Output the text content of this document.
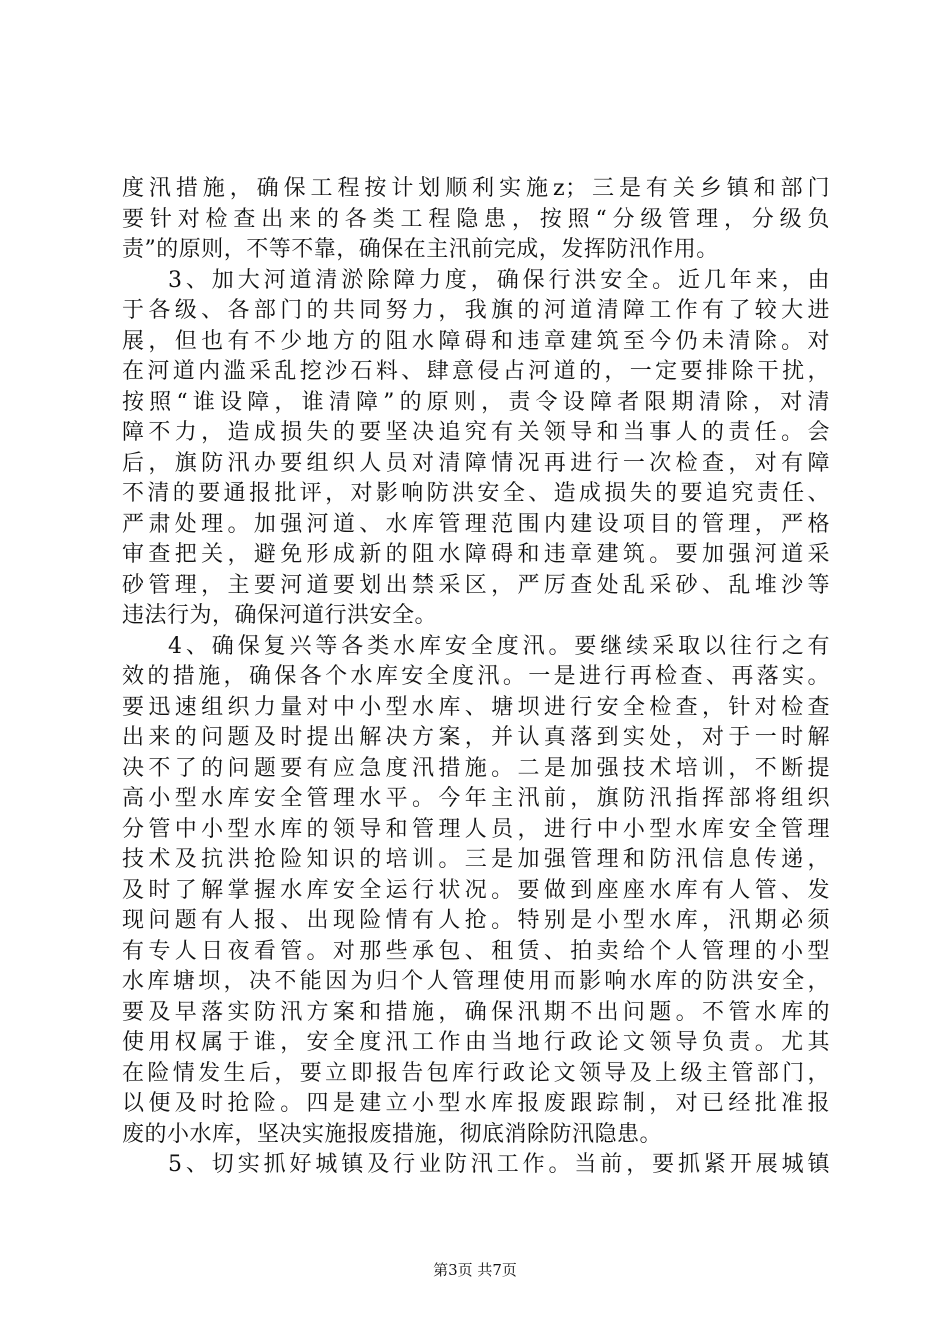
度汛措施，确保工程按计划顺利实施z；三是有关乡镇和部门
要针对检查出来的各类工程隐患，按照“分级管理，分级负
责”的原则，不等不靠，确保在主汛前完成，发挥防汛作用。
3、加大河道清淤除障力度，确保行洪安全。近几年来，由
于各级、各部门的共同努力，我旗的河道清障工作有了较大进
展，但也有不少地方的阻水障碍和违章建筑至今仍未清除。对
在河道内滥采乱挖沙石料、肆意侵占河道的，一定要排除干扰，
按照“谁设障，谁清障”的原则，责令设障者限期清除，对清
障不力，造成损失的要坚决追究有关领导和当事人的责任。会
后，旗防汛办要组织人员对清障情况再进行一次检查，对有障
不清的要通报批评，对影响防洪安全、造成损失的要追究责任、
严肃处理。加强河道、水库管理范围内建设项目的管理，严格
审查把关，避免形成新的阻水障碍和违章建筑。要加强河道采
砂管理，主要河道要划出禁采区，严厉查处乱采砂、乱堆沙等
违法行为，确保河道行洪安全。
4、确保复兴等各类水库安全度汛。要继续采取以往行之有
效的措施，确保各个水库安全度汛。一是进行再检查、再落实。
要迅速组织力量对中小型水库、塘坝进行安全检查，针对检查
出来的问题及时提出解决方案，并认真落到实处，对于一时解
决不了的问题要有应急度汛措施。二是加强技术培训，不断提
高小型水库安全管理水平。今年主汛前，旗防汛指挥部将组织
分管中小型水库的领导和管理人员，进行中小型水库安全管理
技术及抗洪抢险知识的培训。三是加强管理和防汛信息传递，
及时了解掌握水库安全运行状况。要做到座座水库有人管、发
现问题有人报、出现险情有人抢。特别是小型水库，汛期必须
有专人日夜看管。对那些承包、租赁、拍卖给个人管理的小型
水库塘坝，决不能因为归个人管理使用而影响水库的防洪安全，
要及早落实防汛方案和措施，确保汛期不出问题。不管水库的
使用权属于谁，安全度汛工作由当地行政论文领导负责。尤其
在险情发生后，要立即报告包库行政论文领导及上级主管部门，
以便及时抢险。四是建立小型水库报废跟踪制，对已经批准报
废的小水库，坚决实施报废措施，彻底消除防汛隐患。
5、切实抓好城镇及行业防汛工作。当前，要抓紧开展城镇
第3页 共7页
